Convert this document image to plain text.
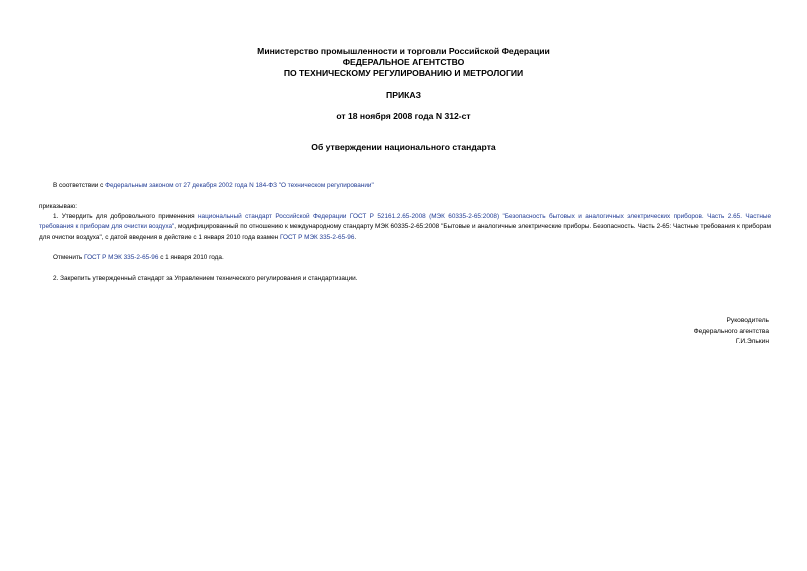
Министерство промышленности и торговли Российской Федерации
ФЕДЕРАЛЬНОЕ АГЕНТСТВО
ПО ТЕХНИЧЕСКОМУ РЕГУЛИРОВАНИЮ И МЕТРОЛОГИИ
ПРИКАЗ
от 18 ноября 2008 года N 312-ст
Об утверждении национального стандарта
В соответствии с Федеральным законом от 27 декабря 2002 года N 184-ФЗ "О техническом регулировании"
приказываю:
1. Утвердить для добровольного применения национальный стандарт Российской Федерации ГОСТ Р 52161.2.65-2008 (МЭК 60335-2-65:2008) "Безопасность бытовых и аналогичных электрических приборов. Часть 2.65. Частные требования к приборам для очистки воздуха", модифицированный по отношению к международному стандарту МЭК 60335-2-65:2008 "Бытовые и аналогичные электрические приборы. Безопасность. Часть 2-65: Частные требования к приборам для очистки воздуха", с датой введения в действие с 1 января 2010 года взамен ГОСТ Р МЭК 335-2-65-96.
Отменить ГОСТ Р МЭК 335-2-65-96 с 1 января 2010 года.
2. Закрепить утвержденный стандарт за Управлением технического регулирования и стандартизации.
Руководитель
Федерального агентства
Г.И.Элькин
